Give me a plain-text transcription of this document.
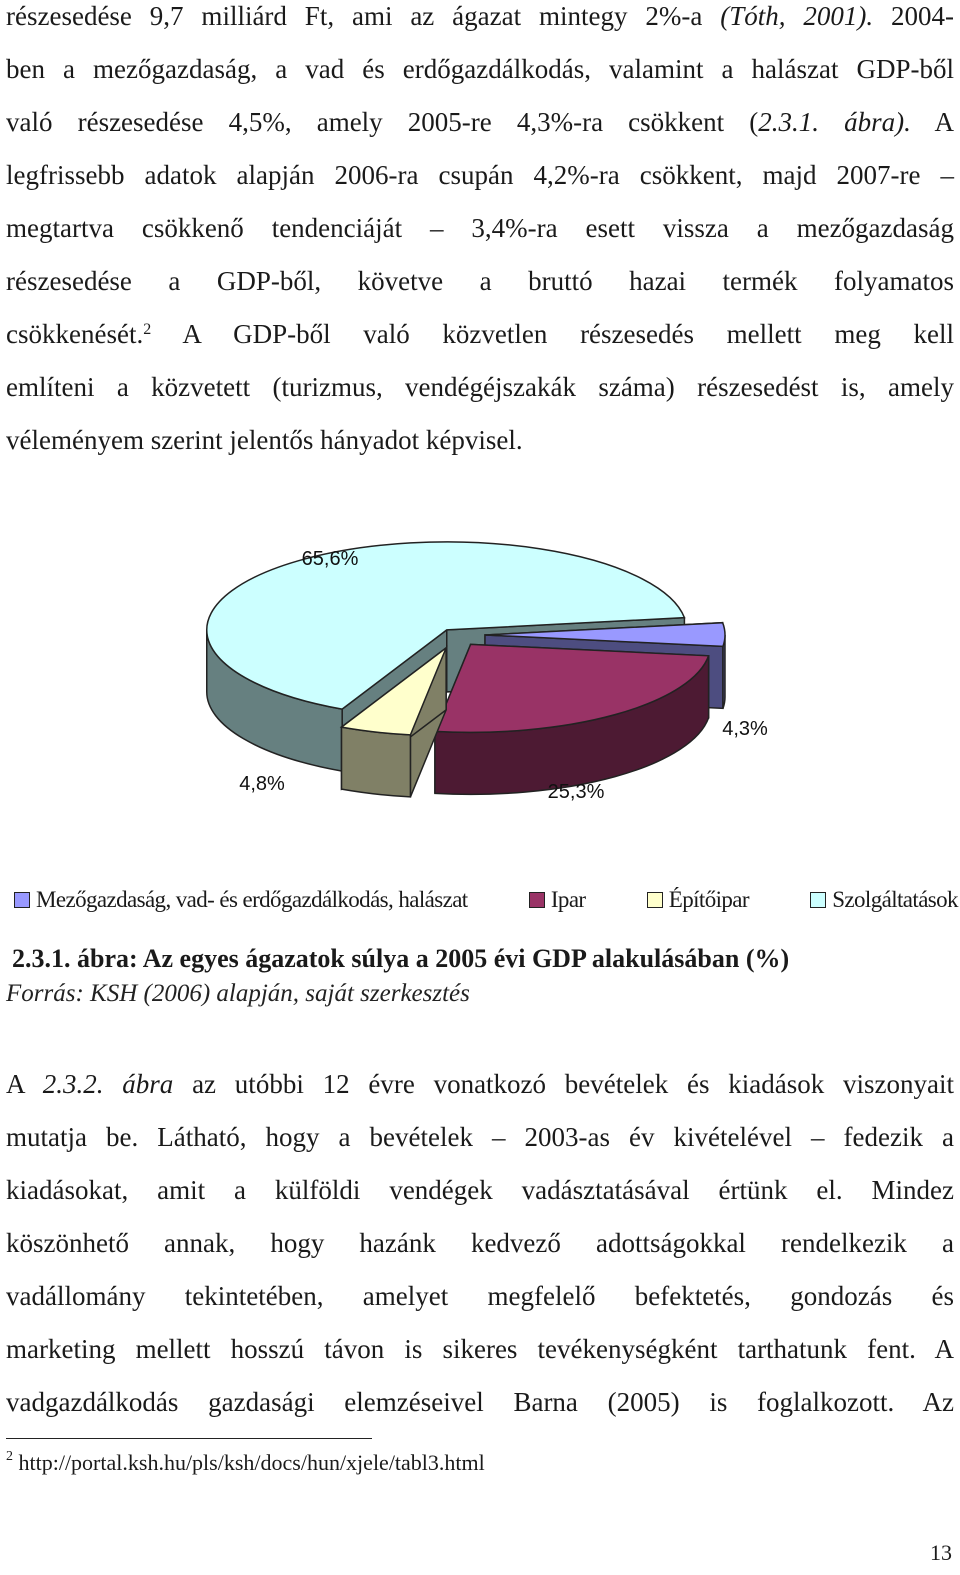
részesedése 9,7 milliárd Ft, ami az ágazat mintegy 2%-a (Tóth, 2001). 2004-
ben a mezőgazdaság, a vad és erdőgazdálkodás, valamint a halászat GDP-ből
való részesedése 4,5%, amely 2005-re 4,3%-ra csökkent (2.3.1. ábra). A
legfrissebb adatok alapján 2006-ra csupán 4,2%-ra csökkent, majd 2007-re –
megtartva csökkenő tendenciáját – 3,4%-ra esett vissza a mezőgazdaság
részesedése a GDP-ből, követve a bruttó hazai termék folyamatos
csökkenését.$^2$ A GDP-ből való közvetlen részesedés mellett meg kell
említeni a közvetett (turizmus, vendégéjszakák száma) részesedést is, amely
véleményem szerint jelentős hányadot képvisel.
4,3%
25,3%
4,8%
65,6%
Mezőgazdaság, vad- és erdőgazdálkodás, halászat	Ipar	Építőipar	Szolgáltatások
2.3.1. ábra: Az egyes ágazatok súlya a 2005 évi GDP alakulásában (%)
Forrás: KSH (2006) alapján, saját szerkesztés
A 2.3.2. ábra az utóbbi 12 évre vonatkozó bevételek és kiadások viszonyait
mutatja be. Látható, hogy a bevételek – 2003-as év kivételével – fedezik a
kiadásokat, amit a külföldi vendégek vadásztatásával értünk el. Mindez
köszönhető annak, hogy hazánk kedvező adottságokkal rendelkezik a
vadállomány tekintetében, amelyet megfelelő befektetés, gondozás és
marketing mellett hosszú távon is sikeres tevékenységként tarthatunk fent. A
vadgazdálkodás gazdasági elemzéseivel Barna (2005) is foglalkozott. Az
$^2$ http://portal.ksh.hu/pls/ksh/docs/hun/xjele/tabl3.html
13
